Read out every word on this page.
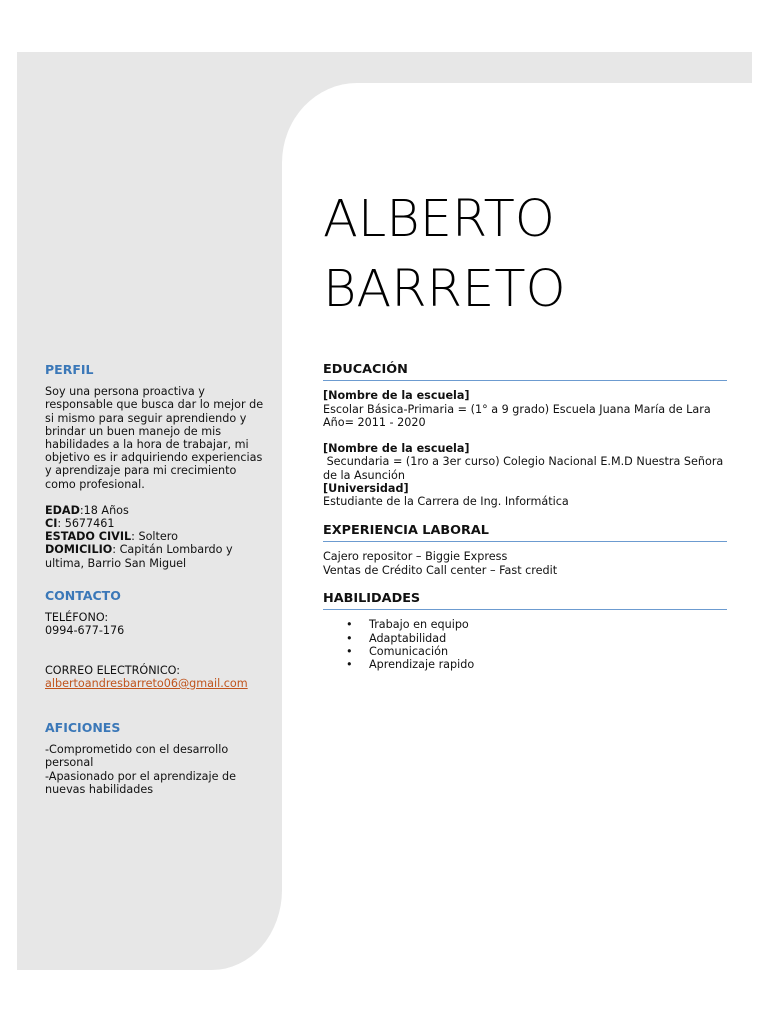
ALBERTO
BARRETO
PERFIL

Soy una persona proactiva y responsable que busca dar lo mejor de si mismo para seguir aprendiendo y brindar un buen manejo de mis habilidades a la hora de trabajar, mi objetivo es ir adquiriendo experiencias y aprendizaje para mi crecimiento como profesional.

EDAD:18 Años

CI: 5677461

ESTADO CIVIL: Soltero

DOMICILIO: Capitán Lombardo y ultima, Barrio San Miguel

CONTACTO

TELÉFONO:

0994-677-176

CORREO ELECTRÓNICO:

albertoandresbarreto06@gmail.com

AFICIONES

-Comprometido con el desarrollo personal

-Apasionado por el aprendizaje de nuevas habilidades

EDUCACIÓN

[Nombre de la escuela]

Escolar Básica-Primaria = (1° a 9 grado) Escuela Juana María de Lara

Año= 2011 - 2020

[Nombre de la escuela]

Secundaria = (1ro a 3er curso) Colegio Nacional E.M.D Nuestra Señora de la Asunción

[Universidad]

Estudiante de la Carrera de Ing. Informática

EXPERIENCIA LABORAL

Cajero repositor – Biggie Express

Ventas de Crédito Call center – Fast credit

HABILIDADES
• Trabajo en equipo
• Adaptabilidad
• Comunicación
• Aprendizaje rapido
